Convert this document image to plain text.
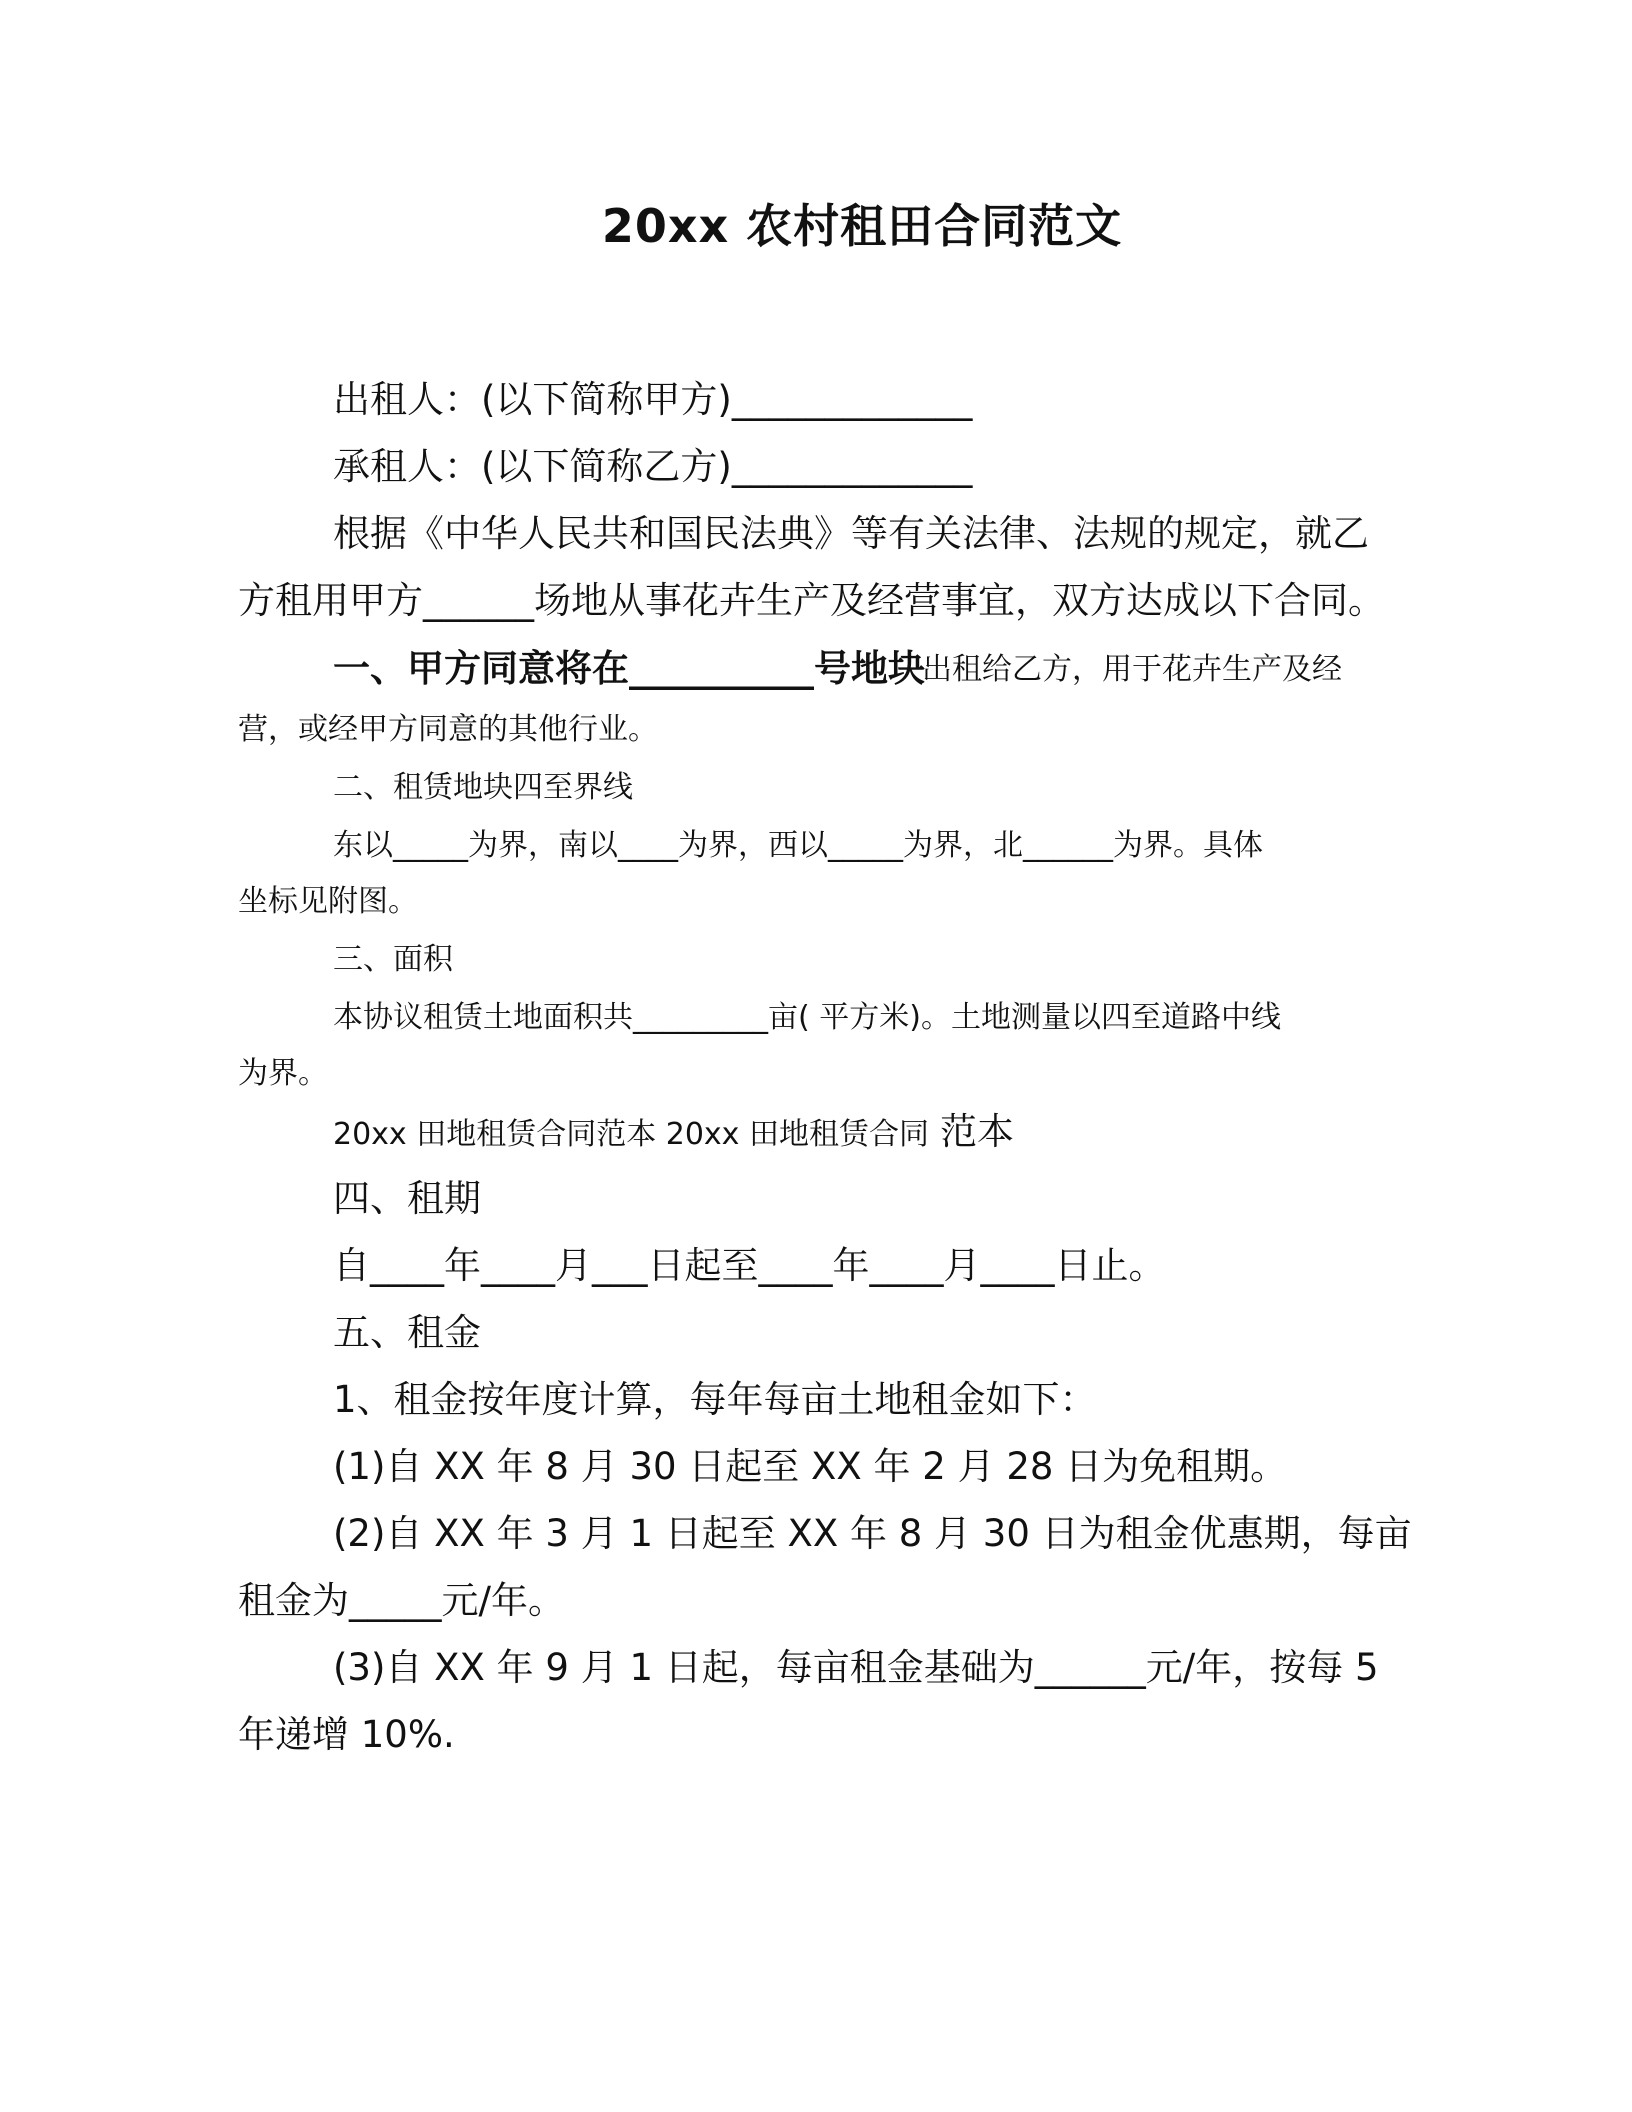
20xx 农村租田合同范文
出租人：(以下简称甲方)_____________
承租人：(以下简称乙方)_____________
根据《中华人民共和国民法典》等有关法律、法规的规定，就乙
方租用甲方______场地从事花卉生产及经营事宜，双方达成以下合同。
一、甲方同意将在__________号地块
出租给乙方，用于花卉生产及经
营，或经甲方同意的其他行业。
二、租赁地块四至界线
东以_____为界，南以____为界，西以_____为界，北______为界。具体
坐标见附图。
三、面积
本协议租赁土地面积共_________亩( 平方米)。土地测量以四至道路中线
为界。
20xx 田地租赁合同范本 20xx 田地租赁合同 范本
四、租期
自____年____月___日起至____年____月____日止。
五、租金
1、租金按年度计算，每年每亩土地租金如下：
(1)自 XX 年 8 月 30 日起至 XX 年 2 月 28 日为免租期。
(2)自 XX 年 3 月 1 日起至 XX 年 8 月 30 日为租金优惠期，每亩
租金为_____元/年。
(3)自 XX 年 9 月 1 日起，每亩租金基础为______元/年，按每 5
年递增 10%.
